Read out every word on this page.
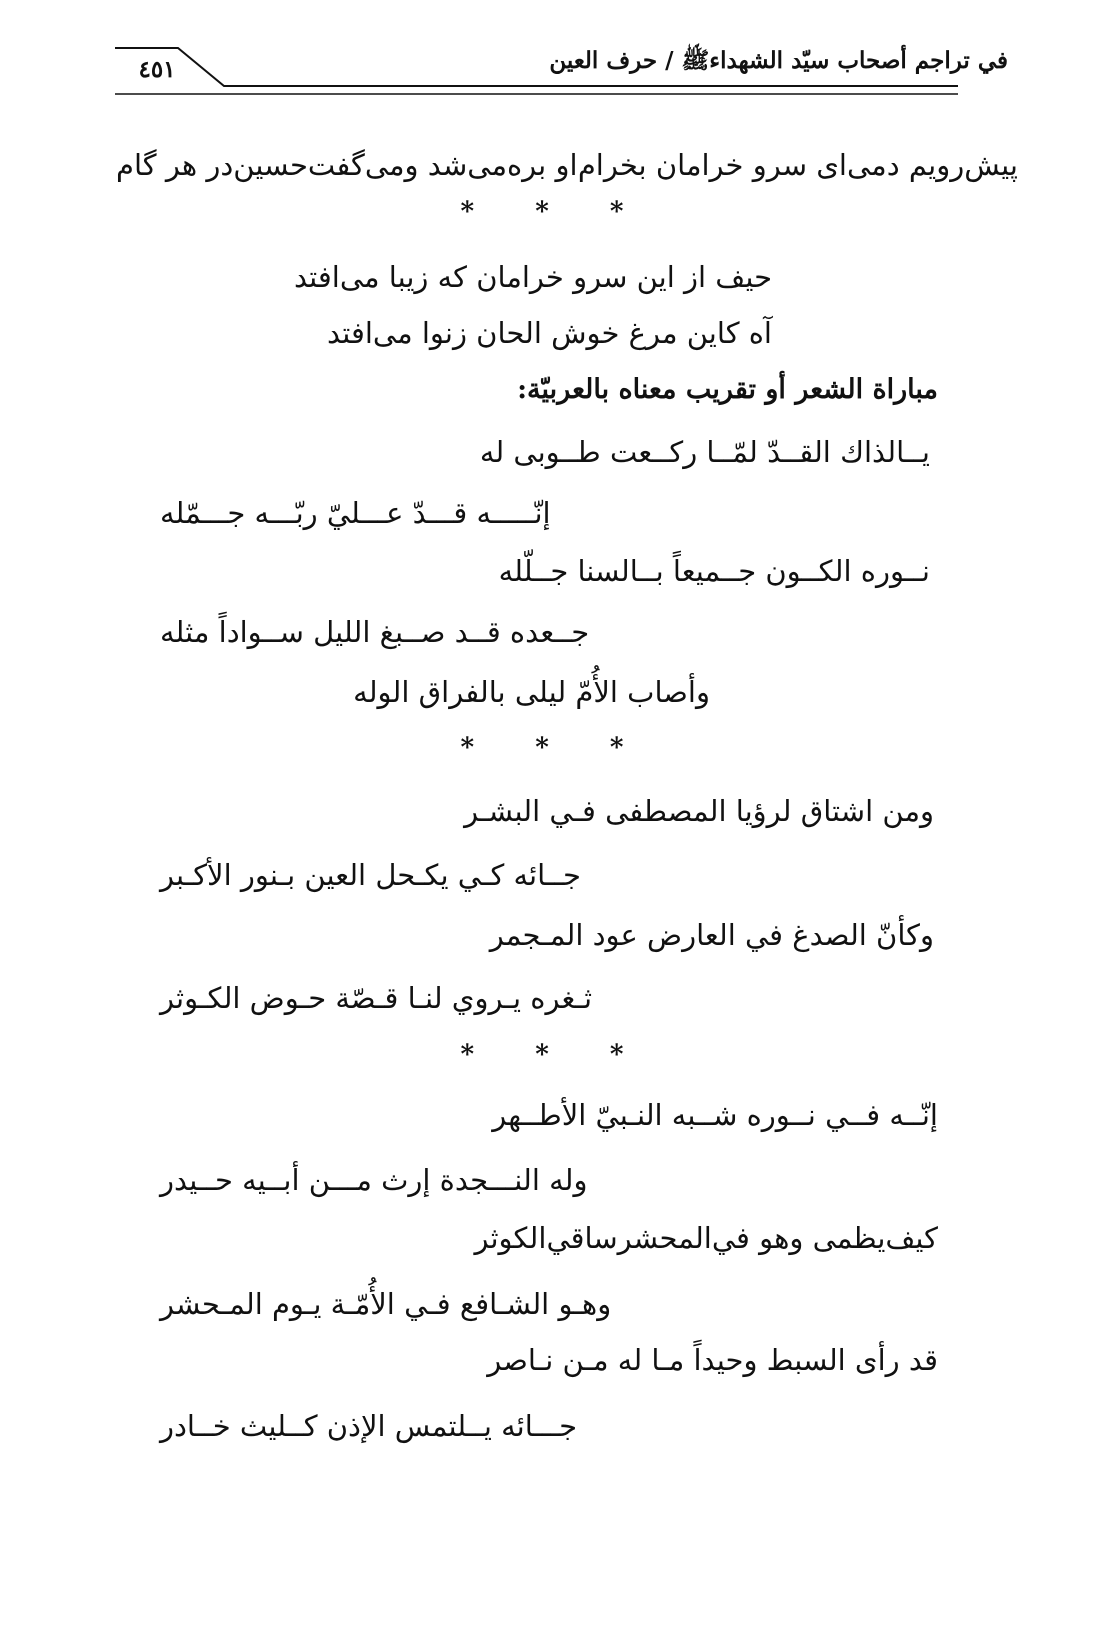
٤٥١	في تراجم أصحاب سيّد الشهداءﷺ/حرف العين
پیش‌رویم دمی‌ای سرو خرامان بخرام
او بره‌می‌شد ومی‌گفت‌حسین‌در هر گام
* * *
حیف از این سرو خرامان که زیبا می‌افتد
آه کاین مرغ خوش الحان زنوا می‌افتد
مباراة الشعر أو تقريب معناه بالعربيّة:
يــالذاك القــدّ لمّــا ركــعت طــوبى له
إنّـــــه قـــدّ عـــليّ ربّـــه جـــمّله
نــوره الكــون جــميعاً بــالسنا جــلّله
جــعده قــد صــبغ الليل ســواداً مثله
وأصاب الأُمّ ليلى بالفراق الوله
* * *
ومن اشتاق لرؤيا المصطفى فـي البشـر
جــائه كـي يكـحل العين بـنور الأكـبر
وكأنّ الصدغ في العارض عود المـجمر
ثـغره يـروي لنـا قـصّة حـوض الكـوثر
* * *
إنّــه فــي نــوره شــبه النـبيّ الأطــهر
وله النـــجدة إرث مـــن أبــيه حــيدر
كيف‌يظمى وهو في‌المحشرساقي‌الكوثر
وهـو الشـافع فـي الأُمّـة يـوم المـحشر
قد رأى السبط وحيداً مـا له مـن نـاصر
جـــائه يــلتمس الإذن كــليث خــادر
